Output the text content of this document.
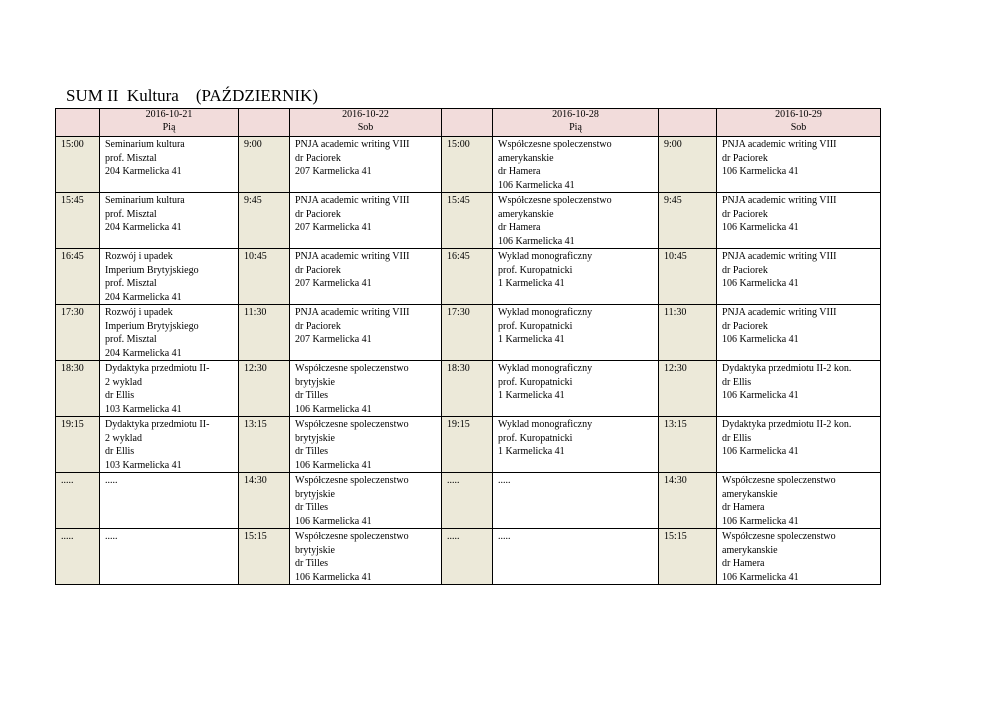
SUM II  Kultura    (PAŹDZIERNIK)

	2016-10-21
Pią		2016-10-22
Sob		2016-10-28
Pią		2016-10-29
Sob

15:00	Seminarium kultura
prof. Misztal
204 Karmelicka 41	9:00	PNJA academic writing VIII
dr Paciorek
207 Karmelicka 41	15:00	Współczesne spoleczenstwo
amerykanskie
dr Hamera
106 Karmelicka 41	9:00	PNJA academic writing VIII
dr Paciorek
106 Karmelicka 41

15:45	Seminarium kultura
prof. Misztal
204 Karmelicka 41	9:45	PNJA academic writing VIII
dr Paciorek
207 Karmelicka 41	15:45	Współczesne spoleczenstwo
amerykanskie
dr Hamera
106 Karmelicka 41	9:45	PNJA academic writing VIII
dr Paciorek
106 Karmelicka 41

16:45	Rozwój i upadek
Imperium Brytyjskiego
prof. Misztal
204 Karmelicka 41	10:45	PNJA academic writing VIII
dr Paciorek
207 Karmelicka 41	16:45	Wyklad monograficzny
prof. Kuropatnicki
1 Karmelicka 41	10:45	PNJA academic writing VIII
dr Paciorek
106 Karmelicka 41

17:30	Rozwój i upadek
Imperium Brytyjskiego
prof. Misztal
204 Karmelicka 41	11:30	PNJA academic writing VIII
dr Paciorek
207 Karmelicka 41	17:30	Wyklad monograficzny
prof. Kuropatnicki
1 Karmelicka 41	11:30	PNJA academic writing VIII
dr Paciorek
106 Karmelicka 41

18:30	Dydaktyka przedmiotu II-
2 wyklad
dr Ellis
103 Karmelicka 41	12:30	Współczesne spoleczenstwo
brytyjskie
dr Tilles
106 Karmelicka 41	18:30	Wyklad monograficzny
prof. Kuropatnicki
1 Karmelicka 41	12:30	Dydaktyka przedmiotu II-2 kon.
dr Ellis
106 Karmelicka 41

19:15	Dydaktyka przedmiotu II-
2 wyklad
dr Ellis
103 Karmelicka 41	13:15	Współczesne spoleczenstwo
brytyjskie
dr Tilles
106 Karmelicka 41	19:15	Wyklad monograficzny
prof. Kuropatnicki
1 Karmelicka 41	13:15	Dydaktyka przedmiotu II-2 kon.
dr Ellis
106 Karmelicka 41

.....	.....	14:30	Współczesne spoleczenstwo
brytyjskie
dr Tilles
106 Karmelicka 41	.....	.....	14:30	Współczesne spoleczenstwo
amerykanskie
dr Hamera
106 Karmelicka 41

.....	.....	15:15	Współczesne spoleczenstwo
brytyjskie
dr Tilles
106 Karmelicka 41	.....	.....	15:15	Współczesne spoleczenstwo
amerykanskie
dr Hamera
106 Karmelicka 41
